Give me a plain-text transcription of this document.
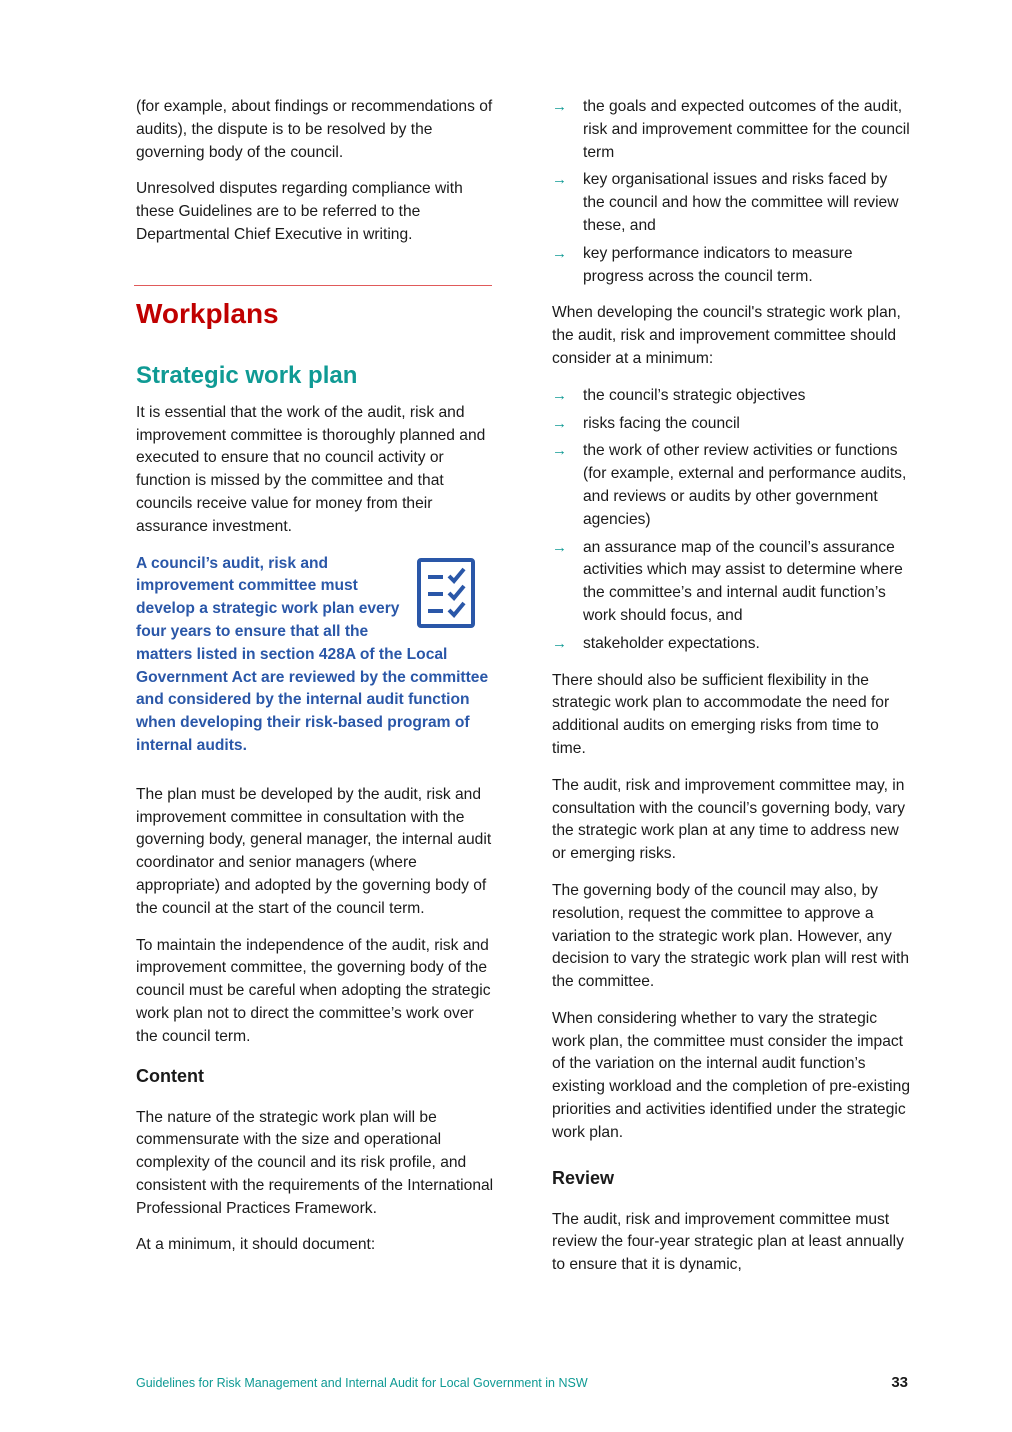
(for example, about findings or recommendations of audits), the dispute is to be resolved by the governing body of the council.

Unresolved disputes regarding compliance with these Guidelines are to be referred to the Departmental Chief Executive in writing.

Workplans
Strategic work plan

It is essential that the work of the audit, risk and improvement committee is thoroughly planned and executed to ensure that no council activity or function is missed by the committee and that councils receive value for money from their assurance investment.

A council’s audit, risk and improvement committee must develop a strategic work plan every four years to ensure that all the matters listed in section 428A of the Local Government Act are reviewed by the committee and considered by the internal audit function when developing their risk-based program of internal audits.

The plan must be developed by the audit, risk and improvement committee in consultation with the governing body, general manager, the internal audit coordinator and senior managers (where appropriate) and adopted by the governing body of the council at the start of the council term.

To maintain the independence of the audit, risk and improvement committee, the governing body of the council must be careful when adopting the strategic work plan not to direct the committee’s work over the council term.

Content

The nature of the strategic work plan will be commensurate with the size and operational complexity of the council and its risk profile, and consistent with the requirements of the International Professional Practices Framework.

At a minimum, it should document:

→ the goals and expected outcomes of the audit, risk and improvement committee for the council term
→ key organisational issues and risks faced by the council and how the committee will review these, and
→ key performance indicators to measure progress across the council term.

When developing the council's strategic work plan, the audit, risk and improvement committee should consider at a minimum:

→ the council’s strategic objectives
→ risks facing the council
→ the work of other review activities or functions (for example, external and performance audits, and reviews or audits by other government agencies)
→ an assurance map of the council’s assurance activities which may assist to determine where the committee’s and internal audit function’s work should focus, and
→ stakeholder expectations.

There should also be sufficient flexibility in the strategic work plan to accommodate the need for additional audits on emerging risks from time to time.

The audit, risk and improvement committee may, in consultation with the council’s governing body, vary the strategic work plan at any time to address new or emerging risks.

The governing body of the council may also, by resolution, request the committee to approve a variation to the strategic work plan. However, any decision to vary the strategic work plan will rest with the committee.

When considering whether to vary the strategic work plan, the committee must consider the impact of the variation on the internal audit function’s existing workload and the completion of pre-existing priorities and activities identified under the strategic work plan.

Review

The audit, risk and improvement committee must review the four-year strategic plan at least annually to ensure that it is dynamic,

Guidelines for Risk Management and Internal Audit for Local Government in NSW	33
